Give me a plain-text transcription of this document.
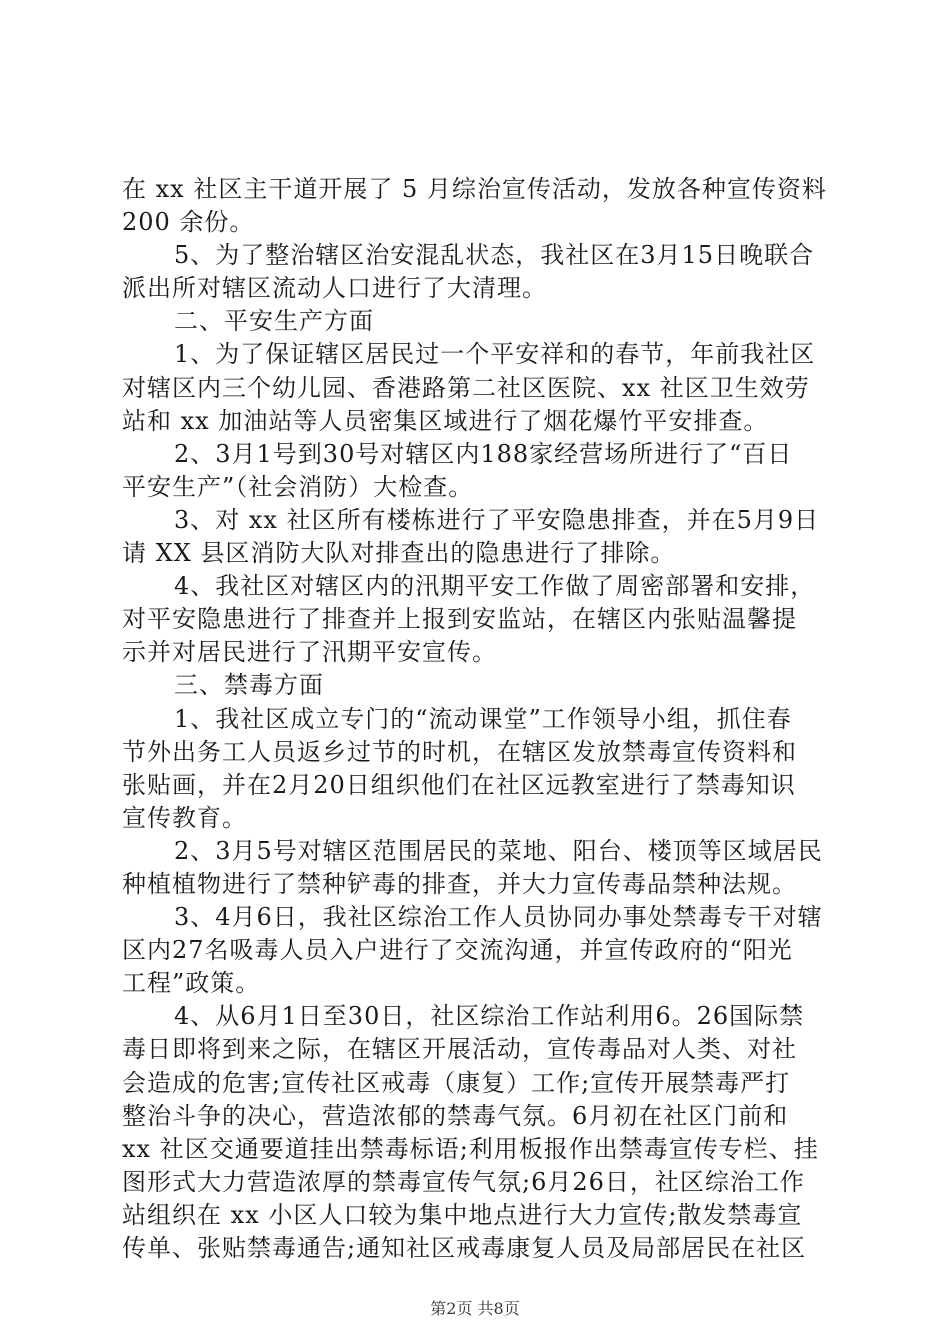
在 xx 社区主干道开展了 5 月综治宣传活动，发放各种宣传资料
200 余份。
5、为了整治辖区治安混乱状态，我社区在3月15日晚联合
派出所对辖区流动人口进行了大清理。
二、平安生产方面
1、为了保证辖区居民过一个平安祥和的春节，年前我社区
对辖区内三个幼儿园、香港路第二社区医院、xx 社区卫生效劳
站和 xx 加油站等人员密集区域进行了烟花爆竹平安排查。
2、3月1号到30号对辖区内188家经营场所进行了“百日
平安生产”（社会消防）大检查。
3、对 xx 社区所有楼栋进行了平安隐患排查，并在5月9日
请 XX 县区消防大队对排查出的隐患进行了排除。
4、我社区对辖区内的汛期平安工作做了周密部署和安排，
对平安隐患进行了排查并上报到安监站，在辖区内张贴温馨提
示并对居民进行了汛期平安宣传。
三、禁毒方面
1、我社区成立专门的“流动课堂”工作领导小组，抓住春
节外出务工人员返乡过节的时机，在辖区发放禁毒宣传资料和
张贴画，并在2月20日组织他们在社区远教室进行了禁毒知识
宣传教育。
2、3月5号对辖区范围居民的菜地、阳台、楼顶等区域居民
种植植物进行了禁种铲毒的排查，并大力宣传毒品禁种法规。
3、4月6日，我社区综治工作人员协同办事处禁毒专干对辖
区内27名吸毒人员入户进行了交流沟通，并宣传政府的“阳光
工程”政策。
4、从6月1日至30日，社区综治工作站利用6。26国际禁
毒日即将到来之际，在辖区开展活动，宣传毒品对人类、对社
会造成的危害;宣传社区戒毒（康复）工作;宣传开展禁毒严打
整治斗争的决心，营造浓郁的禁毒气氛。6月初在社区门前和
xx 社区交通要道挂出禁毒标语;利用板报作出禁毒宣传专栏、挂
图形式大力营造浓厚的禁毒宣传气氛;6月26日，社区综治工作
站组织在 xx 小区人口较为集中地点进行大力宣传;散发禁毒宣
传单、张贴禁毒通告;通知社区戒毒康复人员及局部居民在社区
第2页 共8页
